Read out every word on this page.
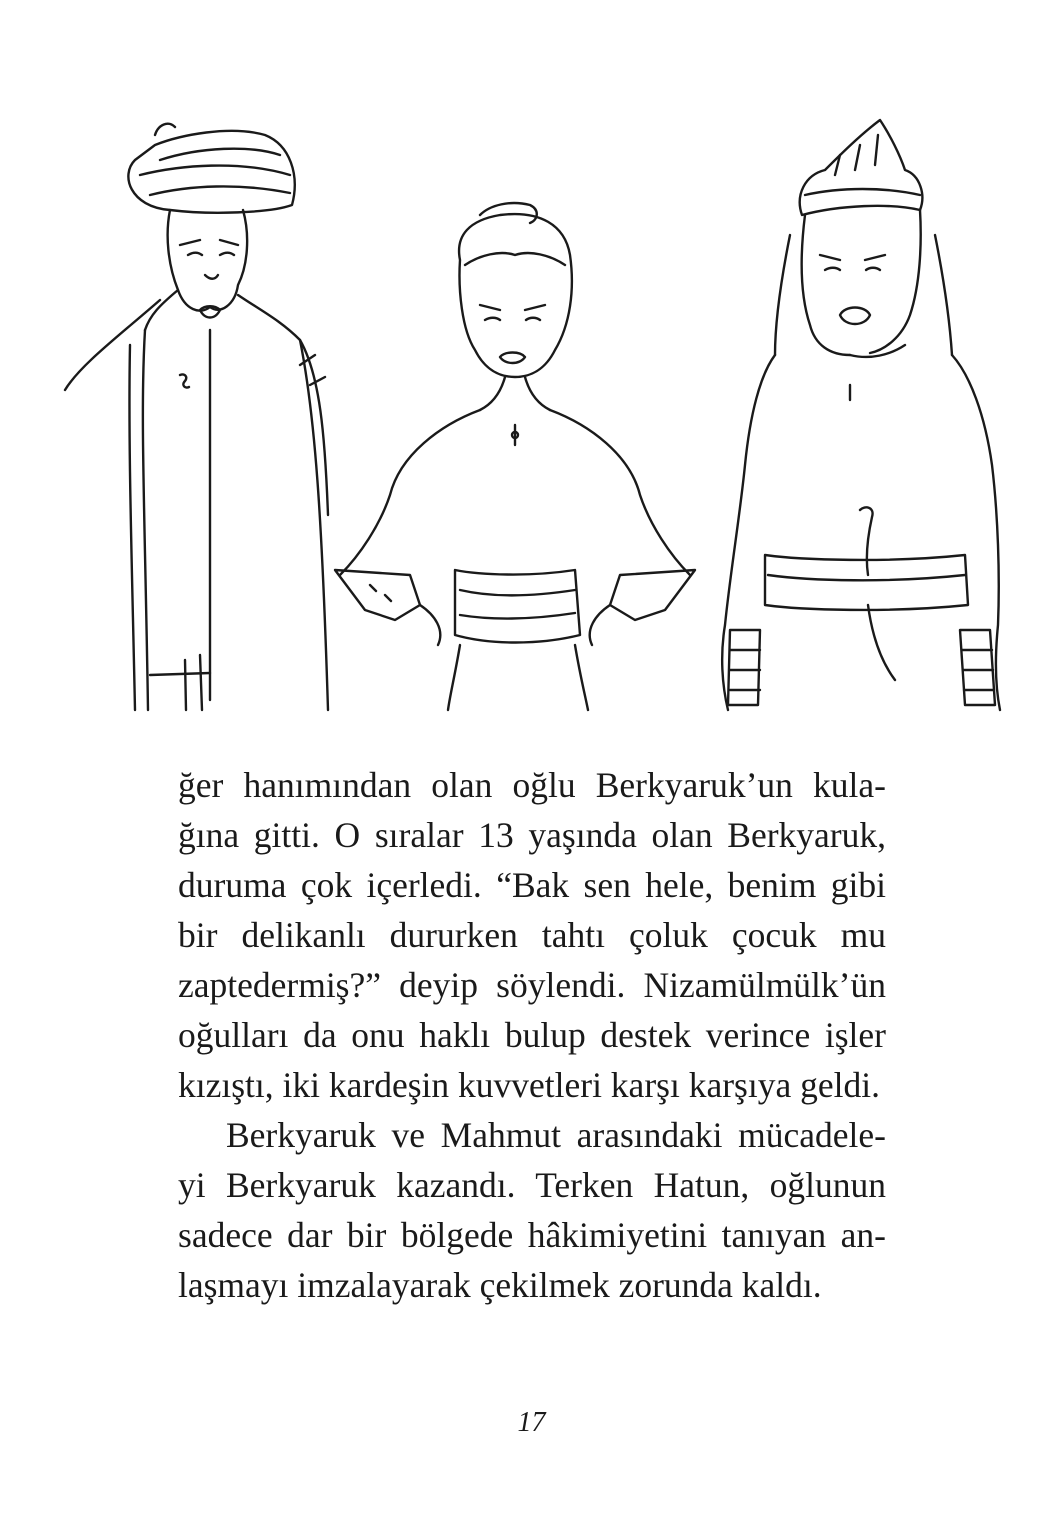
ğer hanımından olan oğlu Berkyaruk’un kula-
ğına gitti. O sıralar 13 yaşında olan Berkyaruk,
duruma çok içerledi. “Bak sen hele, benim gibi
bir delikanlı dururken tahtı çoluk çocuk mu
zaptedermiş?” deyip söylendi. Nizamülmülk’ün
oğulları da onu haklı bulup destek verince işler
kızıştı, iki kardeşin kuvvetleri karşı karşıya geldi.

Berkyaruk ve Mahmut arasındaki mücadele-
yi Berkyaruk kazandı. Terken Hatun, oğlunun
sadece dar bir bölgede hâkimiyetini tanıyan an-
laşmayı imzalayarak çekilmek zorunda kaldı.

17
